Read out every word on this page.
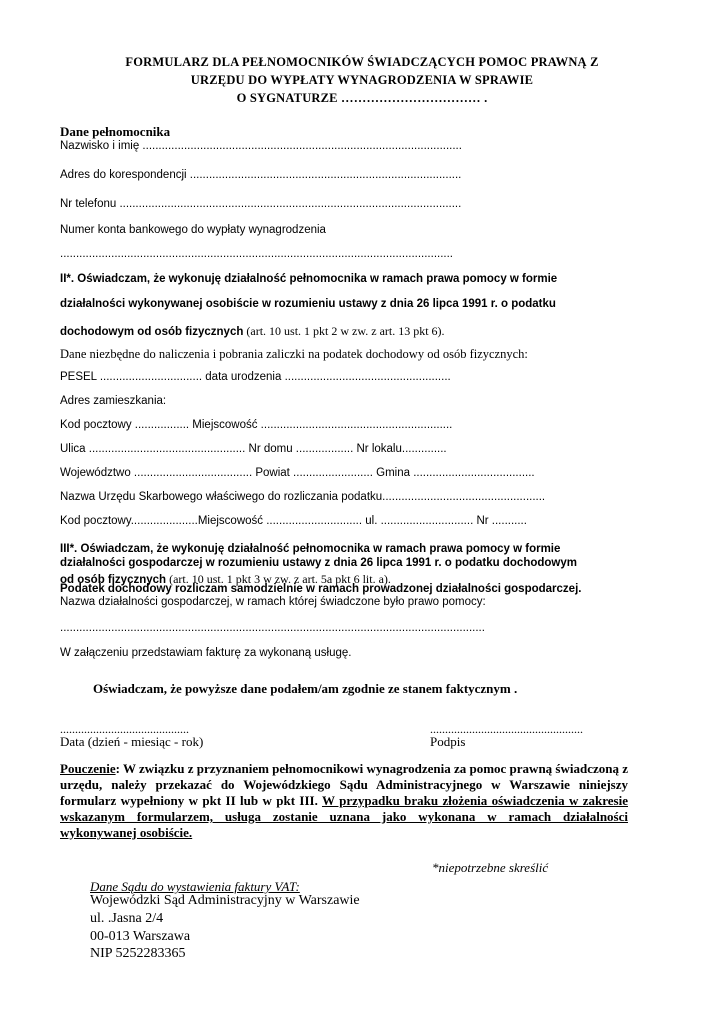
FORMULARZ DLA PEŁNOMOCNIKÓW ŚWIADCZĄCYCH POMOC PRAWNĄ Z
URZĘDU DO WYPŁATY WYNAGRODZENIA W SPRAWIE
O SYGNATURZE …………………………… .
Dane pełnomocnika
Nazwisko i imię ....................................................................................................
Adres do korespondencji .....................................................................................
Nr telefonu ...........................................................................................................
Numer konta bankowego do wypłaty wynagrodzenia
...........................................................................................................................
II*. Oświadczam, że wykonuję działalność pełnomocnika w ramach prawa pomocy w formie
działalności wykonywanej osobiście w rozumieniu ustawy z dnia 26 lipca 1991 r. o podatku
dochodowym od osób fizycznych (art. 10 ust. 1 pkt 2 w zw. z art. 13 pkt 6).
Dane niezbędne do naliczenia i pobrania zaliczki na podatek dochodowy od osób fizycznych:
PESEL ................................ data urodzenia ....................................................
Adres zamieszkania:
Kod pocztowy ................. Miejscowość ............................................................
Ulica ................................................. Nr domu .................. Nr lokalu..............
Województwo ..................................... Powiat ......................... Gmina ......................................
Nazwa Urzędu Skarbowego właściwego do rozliczania podatku...................................................
Kod pocztowy.....................Miejscowość .............................. ul. ............................. Nr ...........
III*. Oświadczam, że wykonuję działalność pełnomocnika w ramach prawa pomocy w formie
działalności gospodarczej w rozumieniu ustawy z dnia 26 lipca 1991 r. o podatku dochodowym
od osób fizycznych (art. 10 ust. 1 pkt 3 w zw. z art. 5a pkt 6 lit. a).
Podatek dochodowy rozliczam samodzielnie w ramach prowadzonej działalności gospodarczej.
Nazwa działalności gospodarczej, w ramach której świadczone było prawo pomocy:
.....................................................................................................................................
W załączeniu przedstawiam fakturę za wykonaną usługę.
Oświadczam, że powyższe dane podałem/am zgodnie ze stanem faktycznym .
...........................................
Data (dzień - miesiąc - rok)
...................................................
Podpis
Pouczenie: W związku z przyznaniem pełnomocnikowi wynagrodzenia za pomoc prawną świadczoną z urzędu, należy przekazać do Wojewódzkiego Sądu Administracyjnego w Warszawie niniejszy formularz wypełniony w pkt II lub w pkt III. W przypadku braku złożenia oświadczenia w zakresie wskazanym formularzem, usługa zostanie uznana jako wykonana w ramach działalności wykonywanej osobiście.
*niepotrzebne skreślić
Dane Sądu do wystawienia faktury VAT:
Wojewódzki Sąd Administracyjny w Warszawie
ul. .Jasna 2/4
00-013 Warszawa
NIP 5252283365
